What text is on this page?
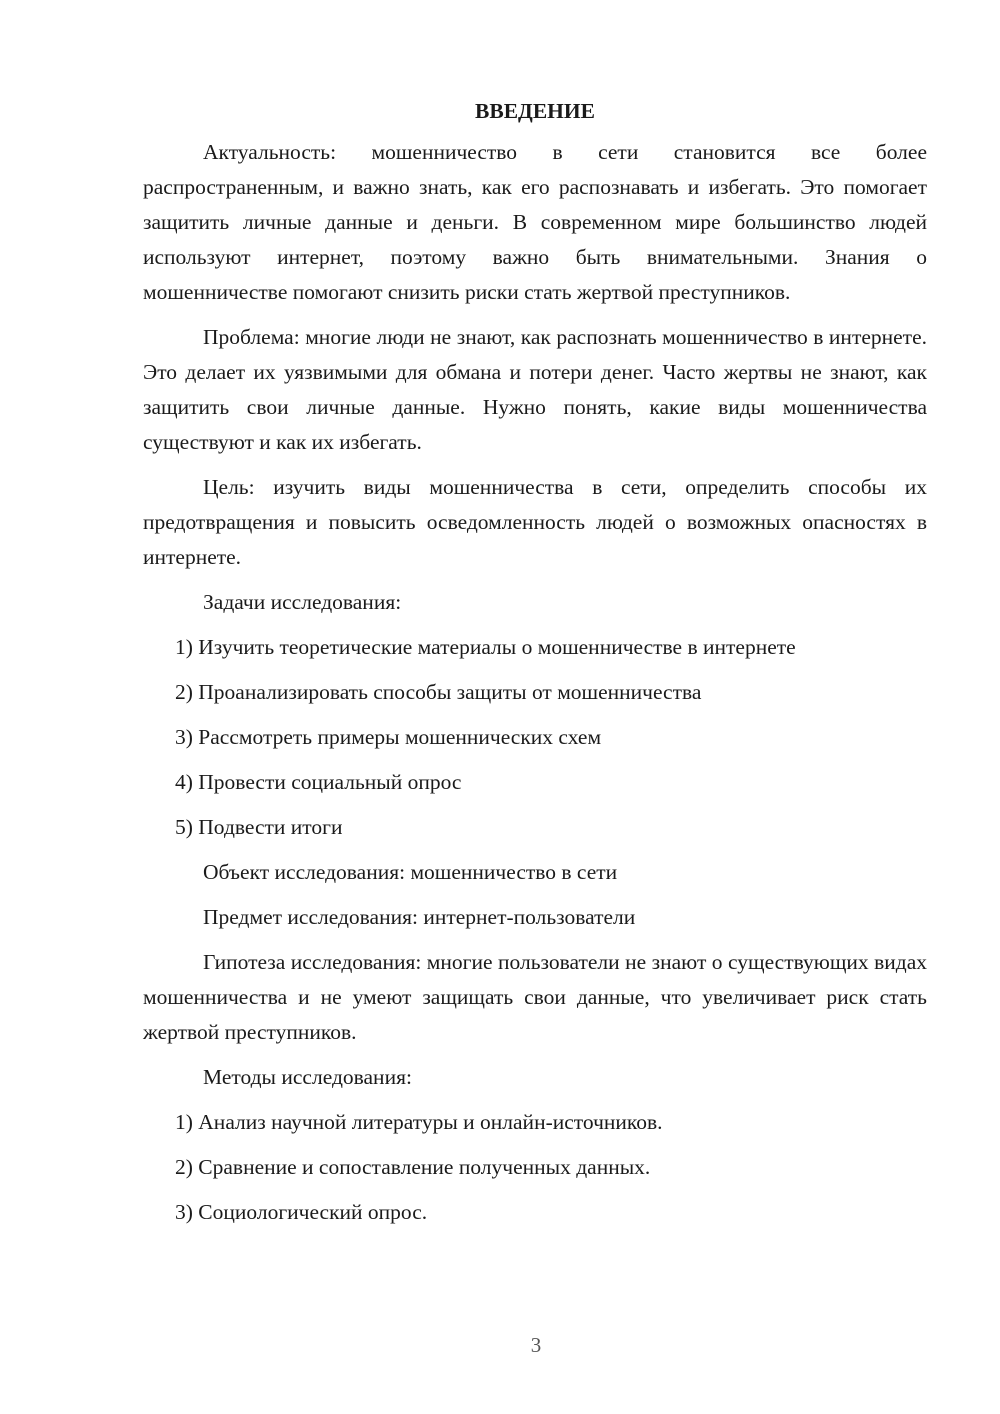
ВВЕДЕНИЕ

Актуальность: мошенничество в сети становится все более распространенным, и важно знать, как его распознавать и избегать. Это помогает защитить личные данные и деньги. В современном мире большинство людей используют интернет, поэтому важно быть внимательными. Знания о мошенничестве помогают снизить риски стать жертвой преступников.

Проблема: многие люди не знают, как распознать мошенничество в интернете. Это делает их уязвимыми для обмана и потери денег. Часто жертвы не знают, как защитить свои личные данные. Нужно понять, какие виды мошенничества существуют и как их избегать.

Цель: изучить виды мошенничества в сети, определить способы их предотвращения и повысить осведомленность людей о возможных опасностях в интернете.

Задачи исследования:

1) Изучить теоретические материалы о мошенничестве в интернете
2) Проанализировать способы защиты от мошенничества
3) Рассмотреть примеры мошеннических схем
4) Провести социальный опрос
5) Подвести итоги

Объект исследования: мошенничество в сети

Предмет исследования: интернет-пользователи

Гипотеза исследования: многие пользователи не знают о существующих видах мошенничества и не умеют защищать свои данные, что увеличивает риск стать жертвой преступников.

Методы исследования:

1) Анализ научной литературы и онлайн-источников.
2) Сравнение и сопоставление полученных данных.
3) Социологический опрос.
3
